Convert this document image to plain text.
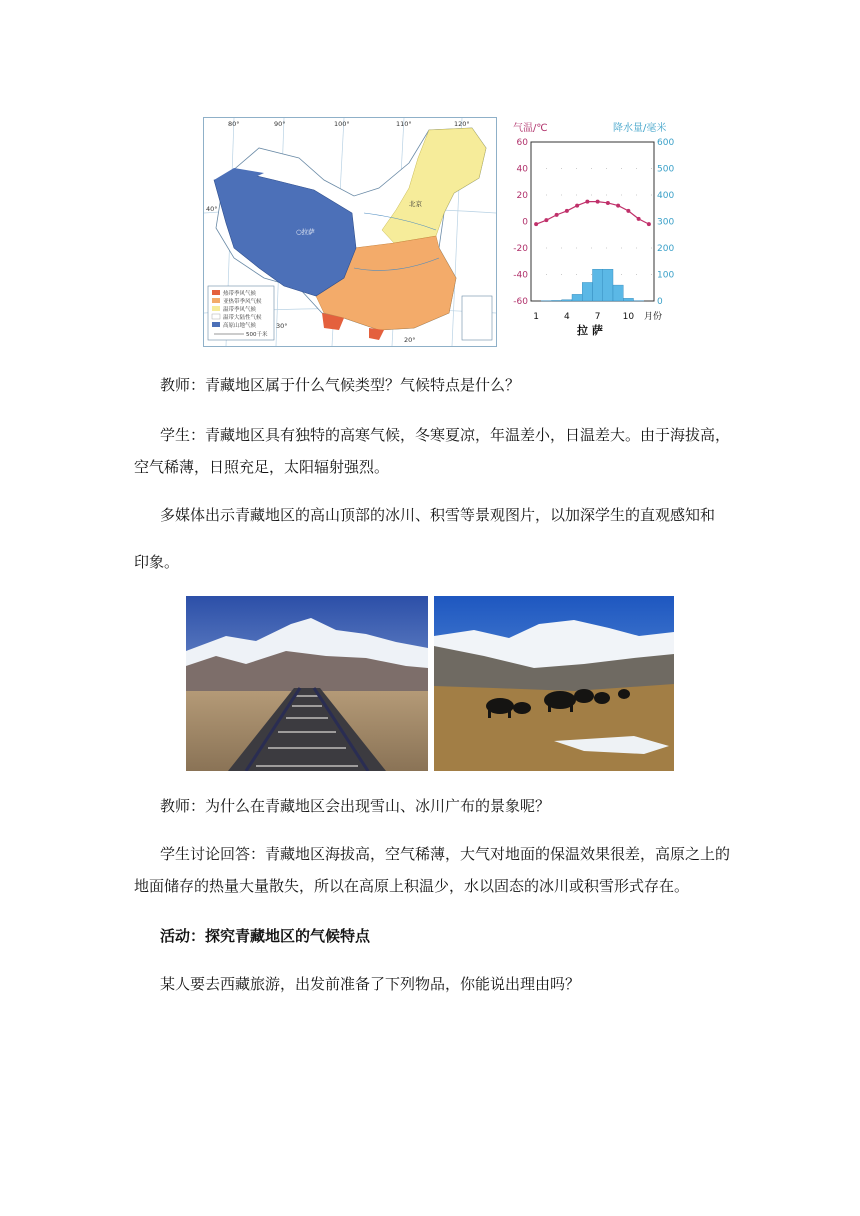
80°	90°	100°	110°	120°
40°
30°
20°
○拉萨
北京
热带季风气候
亚热带季风气候
温带季风气候
温带大陆性气候
高原山地气候
500千米
气温/℃	降水量/毫米
60
40
20
0
-20
-40
-60
600
500
400
300
200
100
0
1	4	7 10 月份
拉 萨
教师：青藏地区属于什么气候类型？气候特点是什么？
学生：青藏地区具有独特的高寒气候，冬寒夏凉，年温差小，日温差大。由于海拔高，
空气稀薄，日照充足，太阳辐射强烈。
多媒体出示青藏地区的高山顶部的冰川、积雪等景观图片，以加深学生的直观感知和
印象。
教师：为什么在青藏地区会出现雪山、冰川广布的景象呢？
学生讨论回答：青藏地区海拔高，空气稀薄，大气对地面的保温效果很差，高原之上的
地面储存的热量大量散失，所以在高原上积温少，水以固态的冰川或积雪形式存在。
活动：探究青藏地区的气候特点
某人要去西藏旅游，出发前准备了下列物品，你能说出理由吗？
